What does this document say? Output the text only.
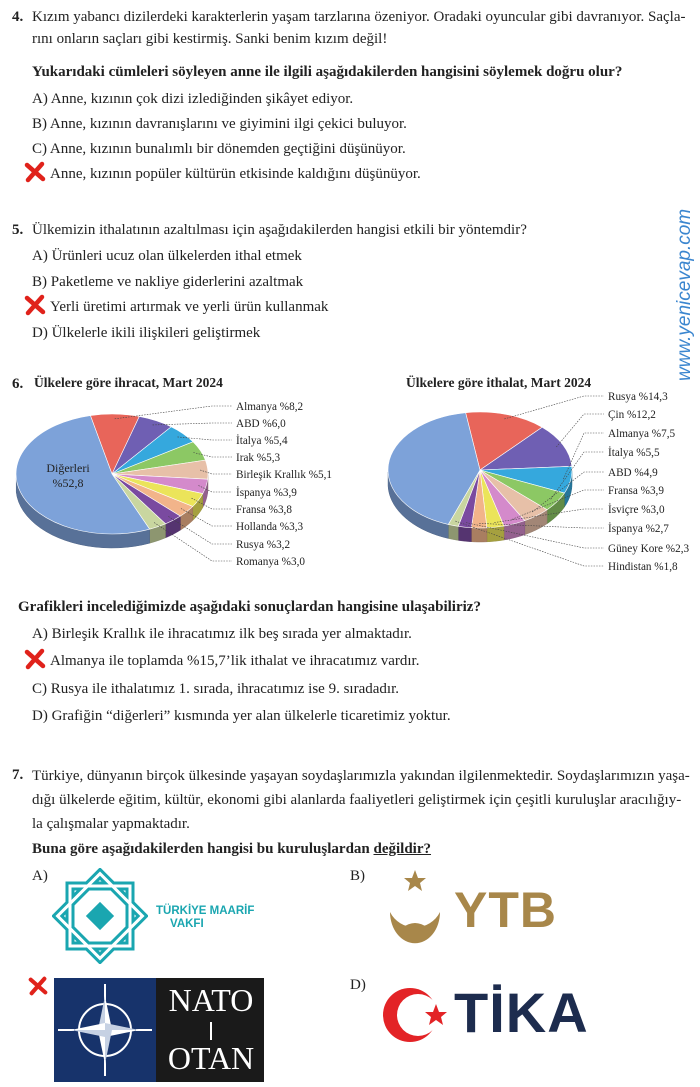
www.yenicevap.com
4. Kızım yabancı dizilerdeki karakterlerin yaşam tarzlarına özeniyor. Oradaki oyuncular gibi davranıyor. Saçla-
rını onların saçları gibi kestirmiş. Sanki benim kızım değil!
Yukarıdaki cümleleri söyleyen anne ile ilgili aşağıdakilerden hangisini söylemek doğru olur?
A) Anne, kızının çok dizi izlediğinden şikâyet ediyor.
B) Anne, kızının davranışlarını ve giyimini ilgi çekici buluyor.
C) Anne, kızının bunalımlı bir dönemden geçtiğini düşünüyor.
Anne, kızının popüler kültürün etkisinde kaldığını düşünüyor.
5. Ülkemizin ithalatının azaltılması için aşağıdakilerden hangisi etkili bir yöntemdir?
A) Ürünleri ucuz olan ülkelerden ithal etmek
B) Paketleme ve nakliye giderlerini azaltmak
Yerli üretimi artırmak ve yerli ürün kullanmak
D) Ülkelerle ikili ilişkileri geliştirmek
6. Ülkelere göre ihracat, Mart 2024	Ülkelere göre ithalat, Mart 2024
Almanya %8,2
ABD %6,0
İtalya %5,4
Irak %5,3
Birleşik Krallık %5,1
İspanya %3,9
Fransa %3,8
Hollanda %3,3
Rusya %3,2
Romanya %3,0
Diğerleri
%52,8
Rusya %14,3
Çin %12,2
Almanya %7,5
İtalya %5,5
ABD %4,9
Fransa %3,9
İsviçre %3,0
İspanya %2,7
Güney Kore %2,3
Hindistan %1,8
Grafikleri incelediğimizde aşağıdaki sonuçlardan hangisine ulaşabiliriz?
A) Birleşik Krallık ile ihracatımız ilk beş sırada yer almaktadır.
Almanya ile toplamda %15,7’lik ithalat ve ihracatımız vardır.
C) Rusya ile ithalatımız 1. sırada, ihracatımız ise 9. sıradadır.
D) Grafiğin “diğerleri” kısmında yer alan ülkelerle ticaretimiz yoktur.
7. Türkiye, dünyanın birçok ülkesinde yaşayan soydaşlarımızla yakından ilgilenmektedir. Soydaşlarımızın yaşa-
dığı ülkelerde eğitim, kültür, ekonomi gibi alanlarda faaliyetleri geliştirmek için çeşitli kuruluşlar aracılığıy-
la çalışmalar yapmaktadır.
Buna göre aşağıdakilerden hangisi bu kuruluşlardan değildir?
A)	B)
D)
TÜRKİYE MAARİF
VAKFI	YTB
NATO
OTAN
TİKA
